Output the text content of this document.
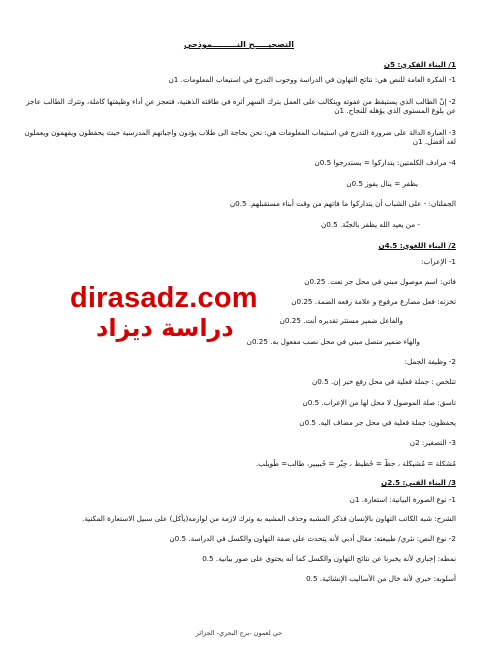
التصحيـــــح النـــــــــموذجي
1/ البناء الفكري: 5ن
1- الفكرة العامة للنص هي: نتائج التهاون في الدراسة ووجوب التدرج في استيعاب المعلومات. 1ن
2- إنّ الطالب الذي يستيقظ من غفوته ويتكالب على العمل بترك السهر أثره في طاقته الذهنية، فتعجز عن أداء وظيفتها كاملة، وتترك الطالب عاجز عن بلوغ المستوى الذي يؤهله للنجاح. 1ن
3- العبارة الدالة على ضرورة التدرج في استيعاب المعلومات هي: نحن بحاجة الى طلاب يؤدون واجباتهم المدرسية حيث يحفظون ويفهمون ويعملون لغد أفضل. 1ن
4- مرادف الكلمتين: يتداركوا = يستدرجوا 0.5ن
يظفر = ينال يفوز 0.5ن
الجملتان: - على الشباب أن يتداركوا ما فاتهم من وقت أبناء مستقبلهم. 0.5ن
- من يعيد الله يظفر بالجنّة. 0.5ن
2/ البناء اللغوي: 4.5ن
1- الإعراب:
فاتي: اسم موصول مبني في محل جر نعت. 0.25ن
تخزنه: فعل مضارع مرفوع و علامة رفعه الضمة. 0.25ن
والفاعل ضمير مستتر تقديره أنت. 0.25ن
والهاء ضمير متصل مبني في محل نصب مفعول به. 0.25ن
2- وظيفة الجمل:
تتلخص : جملة فعلية في محل رفع خبر إن. 0.5ن
تاسق: صلة الموصول لا محل لها من الإعراب. 0.5ن
يحفظون: جملة فعلية في محل جر مضاف اليه. 0.5ن
3- التصغير: 2ن
مُشكلة = مُشيكلة ، حظّ = حُظيظ ، حِبْر = حُبيبير، طالب= طُويلب.
3/ البناء الفني: 2.5ن
1- نوع الصورة البيانية: استعارة. 1ن
الشرح: شبه الكاتب التهاون بالإنسان فذكر المشبه وحذف المشبه به وترك لازمة من لوازمه(يأكل) على سبيل الاستعارة المكنية.
2- نوع النص: نثري/ طبيعته: مقال أدبي لأنه يتحدث على صفة التهاون والكسل في الدراسة. 0.5ن
نمطه: إخباري لأنه يخبرنا عن نتائج التهاون والكسل كما أنه يحتوي على صور بيانية. 0.5
أسلوبه: خبري لأنه خال من الأساليب الإنشائية. 0.5
dirasadz.com
دراسة ديزاد
حي لعمون -برج البحري- الجزائر
